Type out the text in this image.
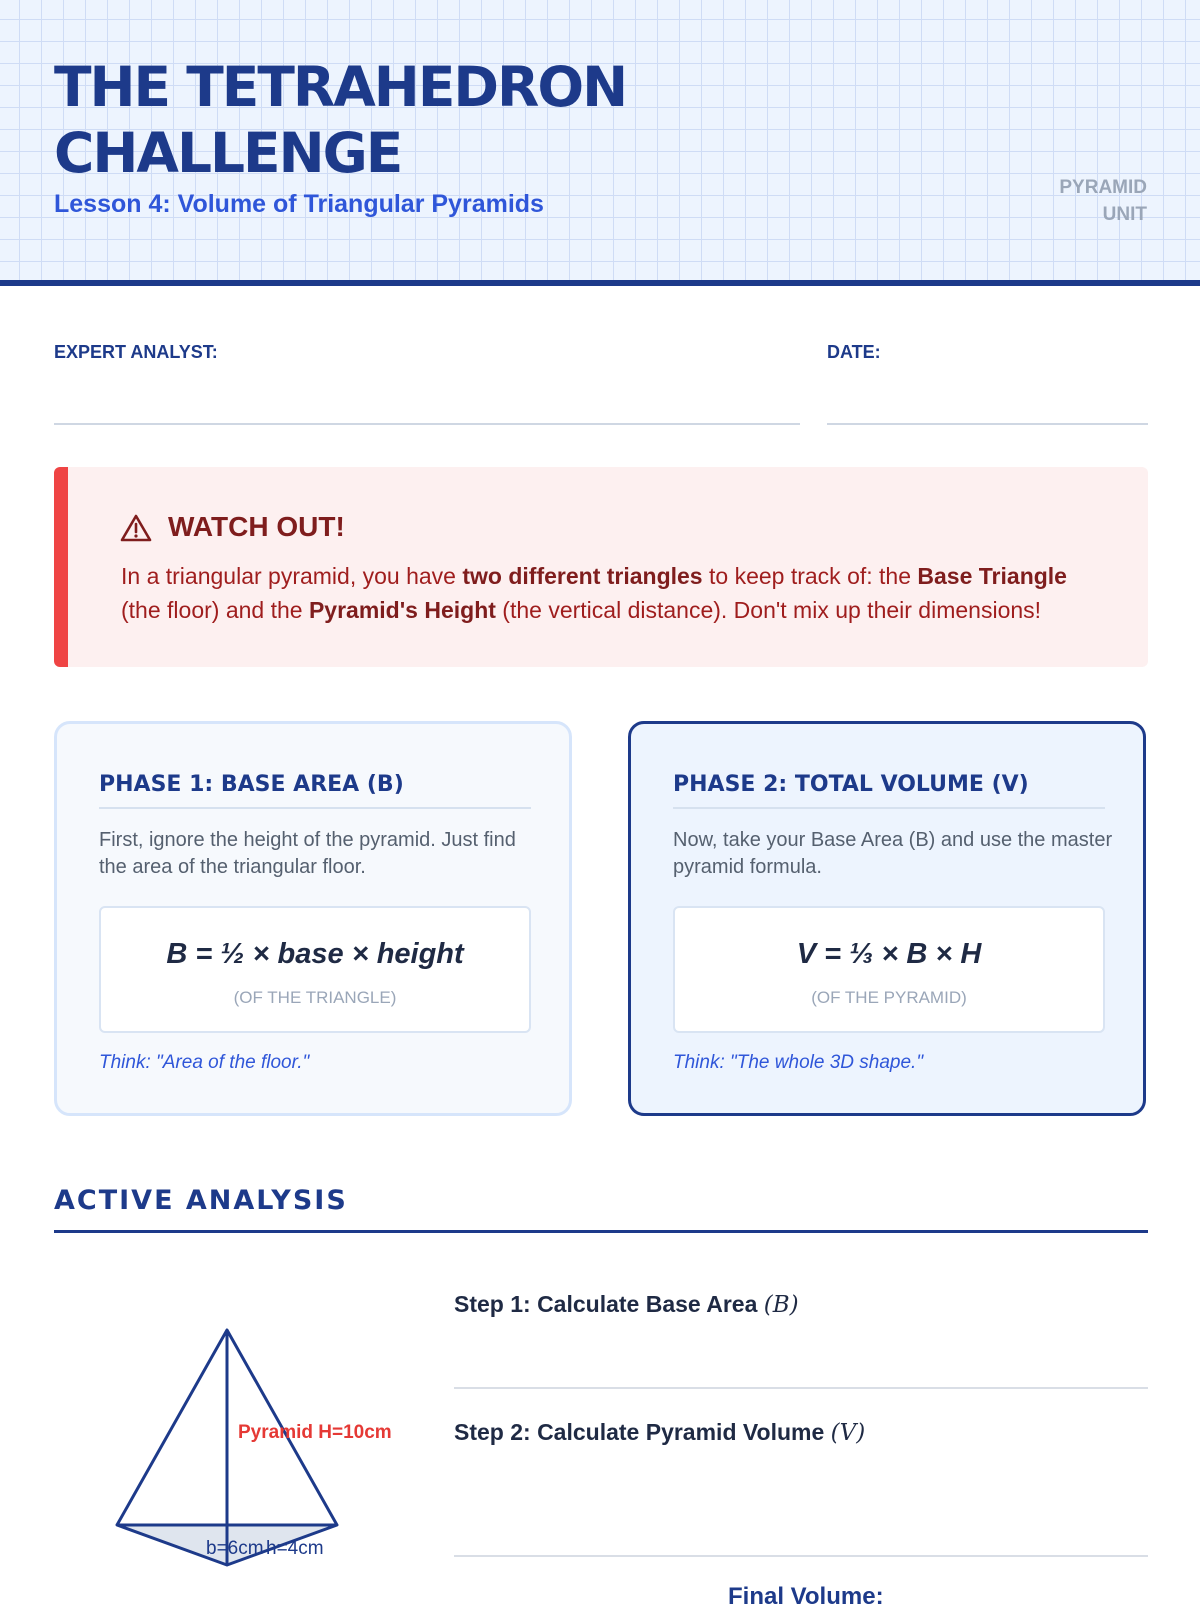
THE TETRAHEDRON CHALLENGE
Lesson 4: Volume of Triangular Pyramids
PYRAMID
UNIT
EXPERT ANALYST:	DATE:
WATCH OUT!

In a triangular pyramid, you have two different triangles to keep track of: the Base Triangle (the floor) and the Pyramid's Height (the vertical distance). Don't mix up their dimensions!

PHASE 1: BASE AREA (B)
First, ignore the height of the pyramid. Just find the area of the triangular floor.
B = ½ × base × height
(OF THE TRIANGLE)
Think: "Area of the floor."
PHASE 2: TOTAL VOLUME (V)
Now, take your Base Area (B) and use the master pyramid formula.
V = ⅓ × B × H
(OF THE PYRAMID)
Think: "The whole 3D shape."
ACTIVE ANALYSIS
Pyramid H=10cm
b=6cm h=4cm
Step 1: Calculate Base Area (B)
Step 2: Calculate Pyramid Volume (V)
Final Volume:
